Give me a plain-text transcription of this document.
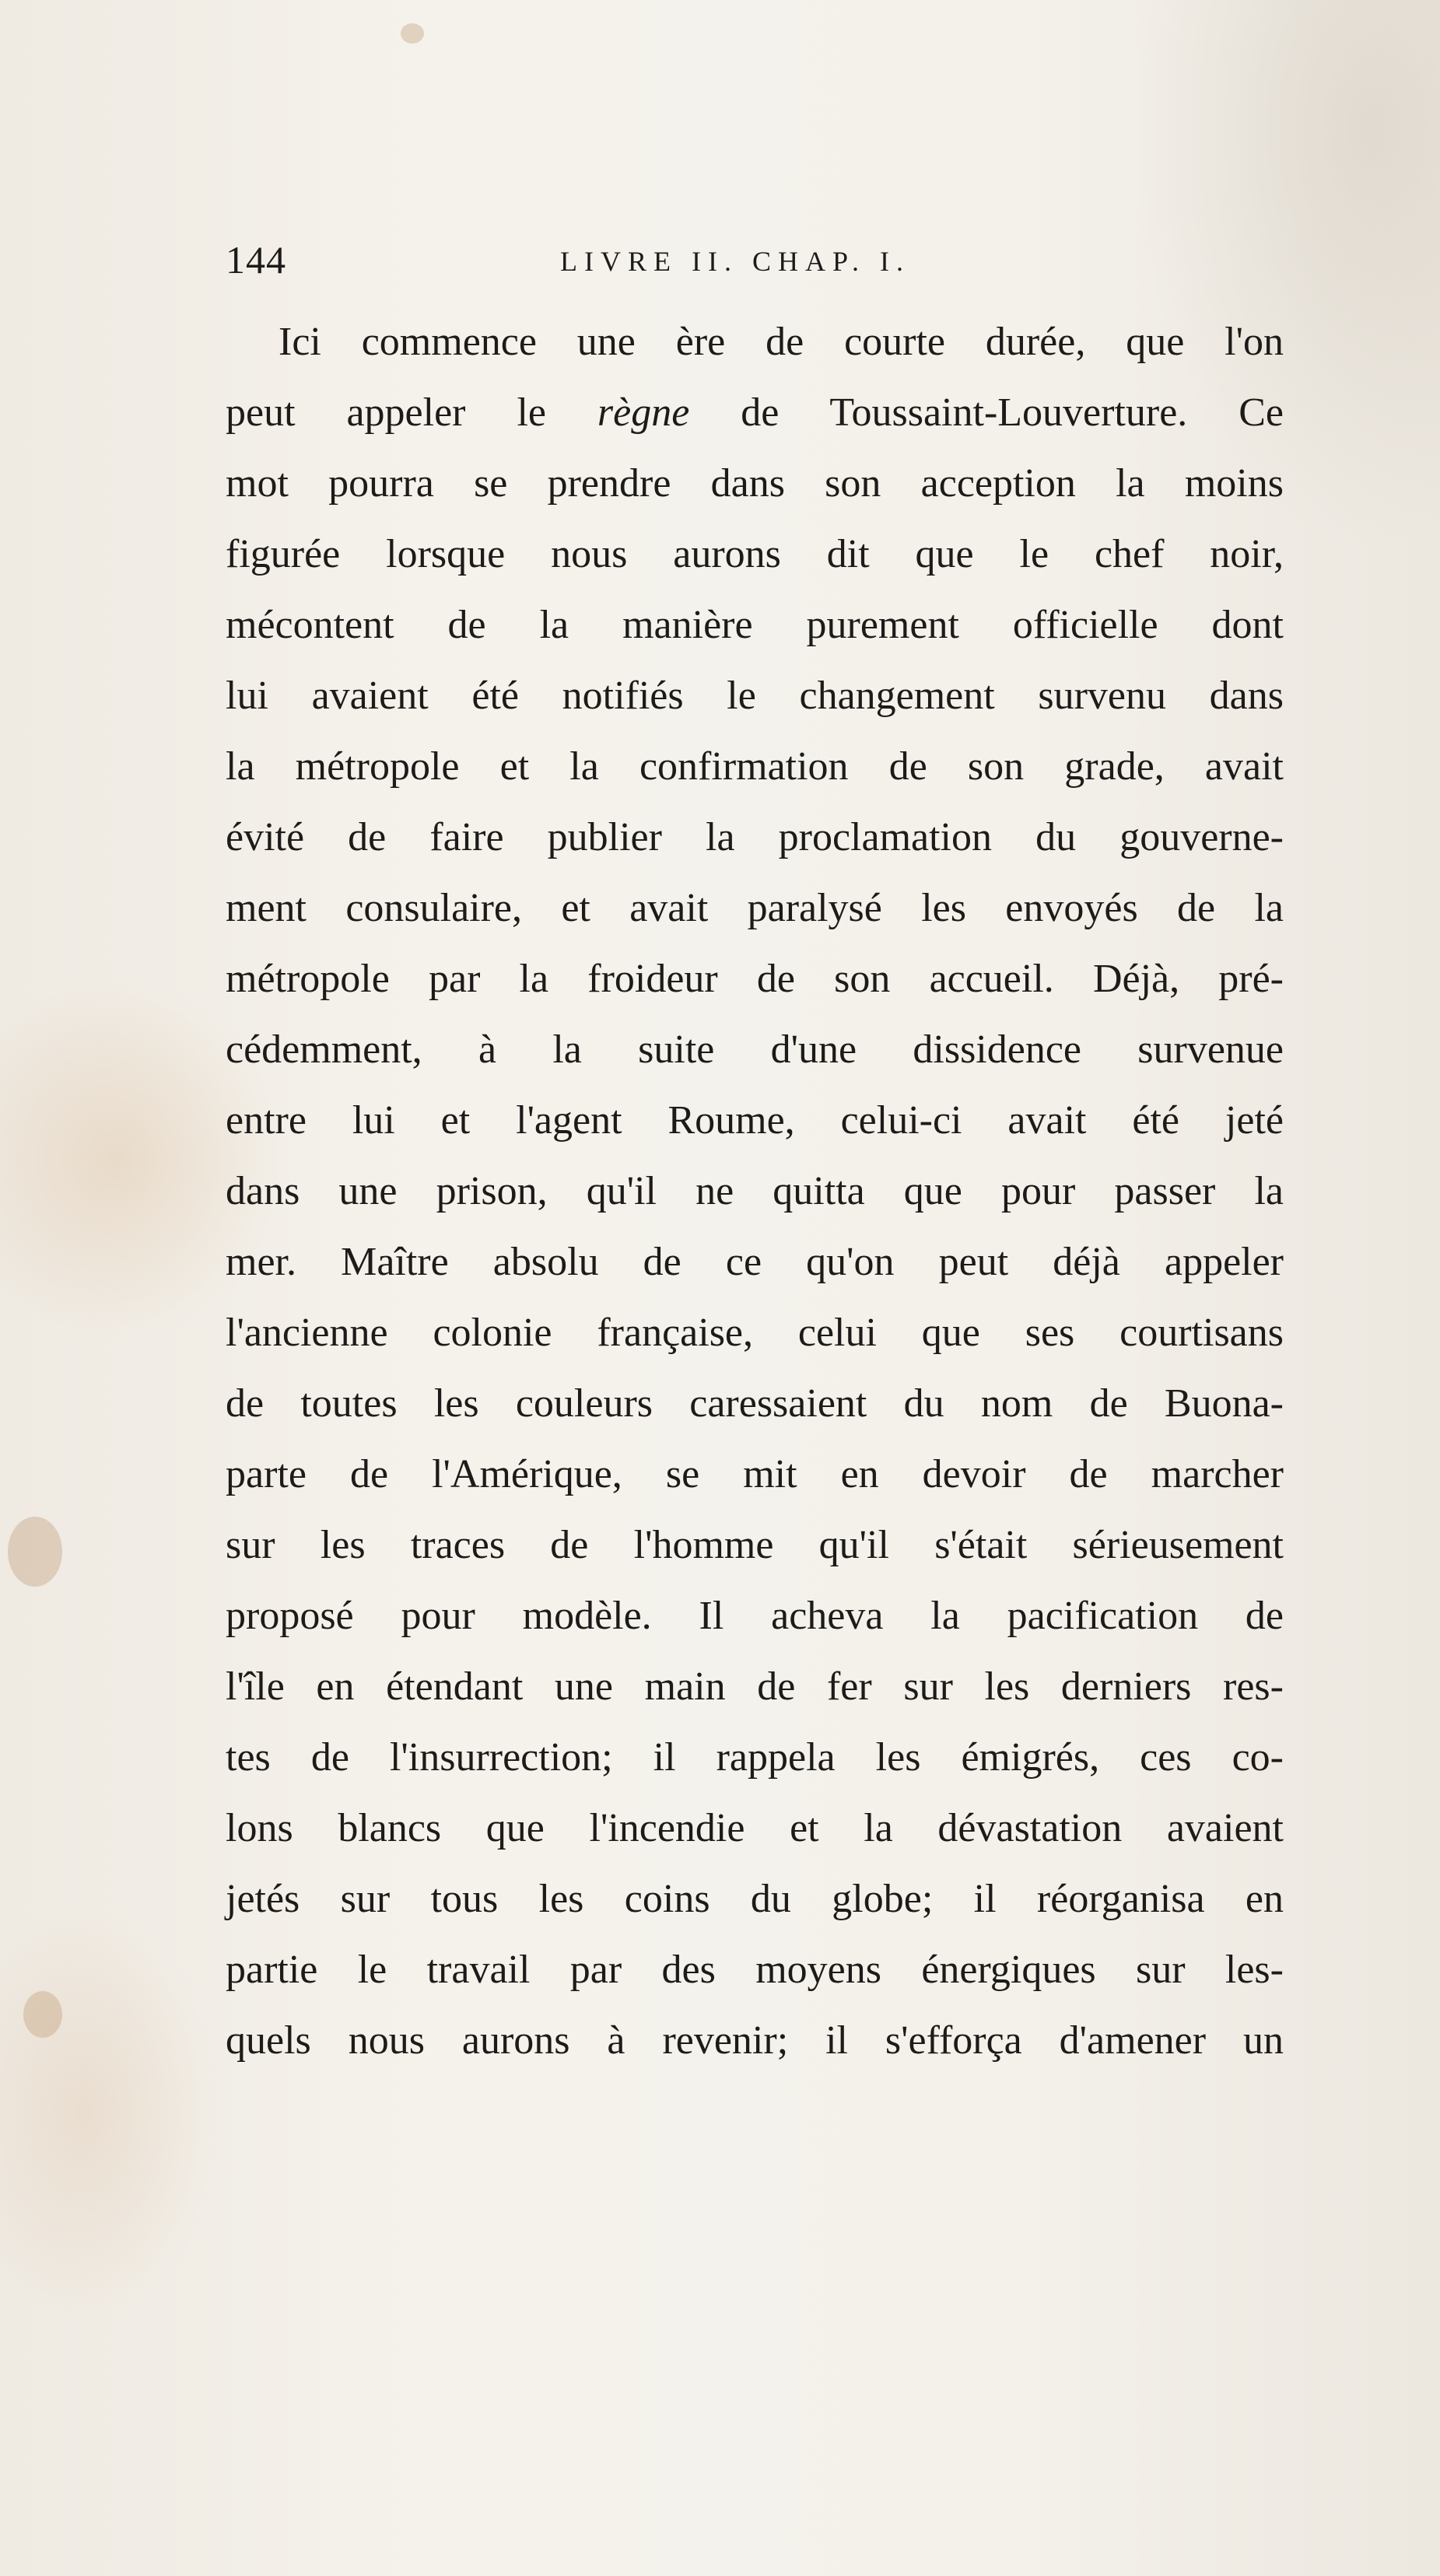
144	LIVRE II. CHAP. I.
Ici commence une ère de courte durée, que l'on
peut appeler le règne de Toussaint-Louverture. Ce
mot pourra se prendre dans son acception la moins
figurée lorsque nous aurons dit que le chef noir,
mécontent de la manière purement officielle dont
lui avaient été notifiés le changement survenu dans
la métropole et la confirmation de son grade, avait
évité de faire publier la proclamation du gouverne-
ment consulaire, et avait paralysé les envoyés de la
métropole par la froideur de son accueil. Déjà, pré-
cédemment, à la suite d'une dissidence survenue
entre lui et l'agent Roume, celui-ci avait été jeté
dans une prison, qu'il ne quitta que pour passer la
mer. Maître absolu de ce qu'on peut déjà appeler
l'ancienne colonie française, celui que ses courtisans
de toutes les couleurs caressaient du nom de Buona-
parte de l'Amérique, se mit en devoir de marcher
sur les traces de l'homme qu'il s'était sérieusement
proposé pour modèle. Il acheva la pacification de
l'île en étendant une main de fer sur les derniers res-
tes de l'insurrection; il rappela les émigrés, ces co-
lons blancs que l'incendie et la dévastation avaient
jetés sur tous les coins du globe; il réorganisa en
partie le travail par des moyens énergiques sur les-
quels nous aurons à revenir; il s'efforça d'amener un
